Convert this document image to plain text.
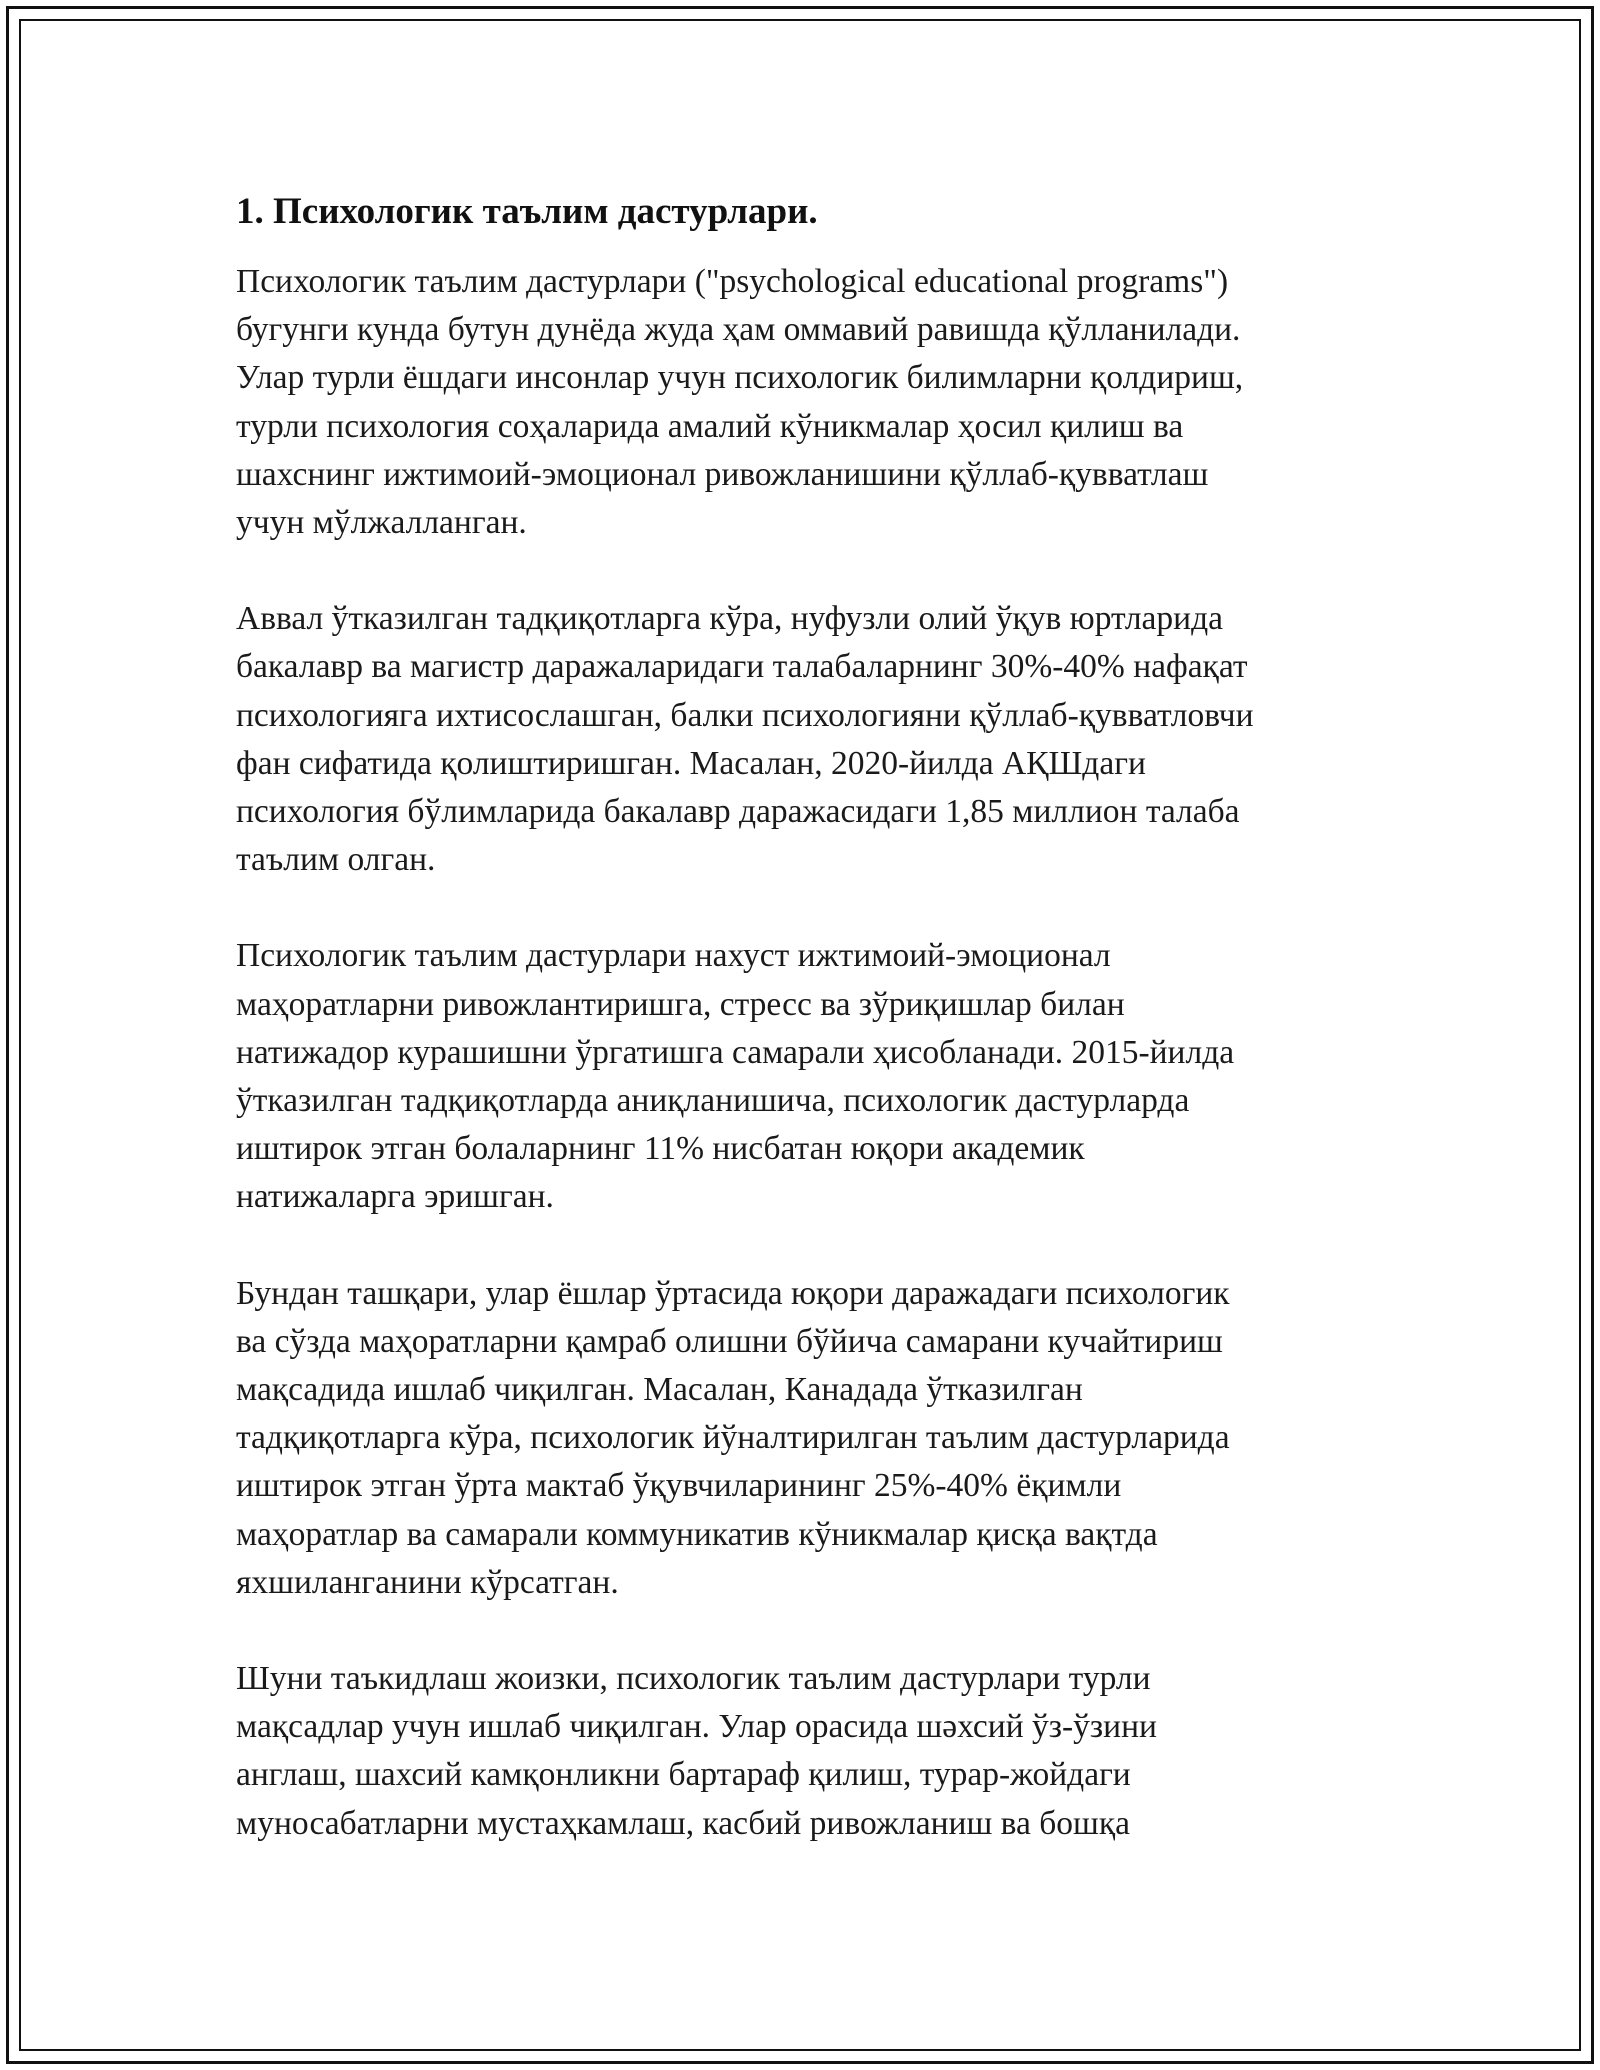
1. Психологик таълим дастурлари.
Психологик таълим дастурлари ("psychological educational programs")
бугунги кунда бутун дунёда жуда ҳам оммавий равишда қўлланилади.
Улар турли ёшдаги инсонлар учун психологик билимларни қолдириш,
турли психология соҳаларида амалий кўникмалар ҳосил қилиш ва
шахснинг ижтимоий-эмоционал ривожланишини қўллаб-қувватлаш
учун мўлжалланган.
Аввал ўтказилган тадқиқотларга кўра, нуфузли олий ўқув юртларида
бакалавр ва магистр даражаларидаги талабаларнинг 30%-40% нафақат
психологияга ихтисослашган, балки психологияни қўллаб-қувватловчи
фан сифатида қолиштиришган. Масалан, 2020-йилда АҚШдаги
психология бўлимларида бакалавр даражасидаги 1,85 миллион талаба
таълим олган.
Психологик таълим дастурлари нахуст ижтимоий-эмоционал
маҳоратларни ривожлантиришга, стресс ва зўриқишлар билан
натижадор курашишни ўргатишга самарали ҳисобланади. 2015-йилда
ўтказилган тадқиқотларда аниқланишича, психологик дастурларда
иштирок этган болаларнинг 11% нисбатан юқори академик
натижаларга эришган.
Бундан ташқари, улар ёшлар ўртасида юқори даражадаги психологик
ва сўзда маҳоратларни қамраб олишни бўйича самарани кучайтириш
мақсадида ишлаб чиқилган. Масалан, Канадада ўтказилган
тадқиқотларга кўра, психологик йўналтирилган таълим дастурларида
иштирок этган ўрта мактаб ўқувчиларининг 25%-40% ёқимли
маҳоратлар ва самарали коммуникатив кўникмалар қисқа вақтда
яхшиланганини кўрсатган.
Шуни таъкидлаш жоизки, психологик таълим дастурлари турли
мақсадлар учун ишлаб чиқилган. Улар орасида шәхсий ўз-ўзини
англаш, шахсий камқонликни бартараф қилиш, турар-жойдаги
муносабатларни мустаҳкамлаш, касбий ривожланиш ва бошқа
